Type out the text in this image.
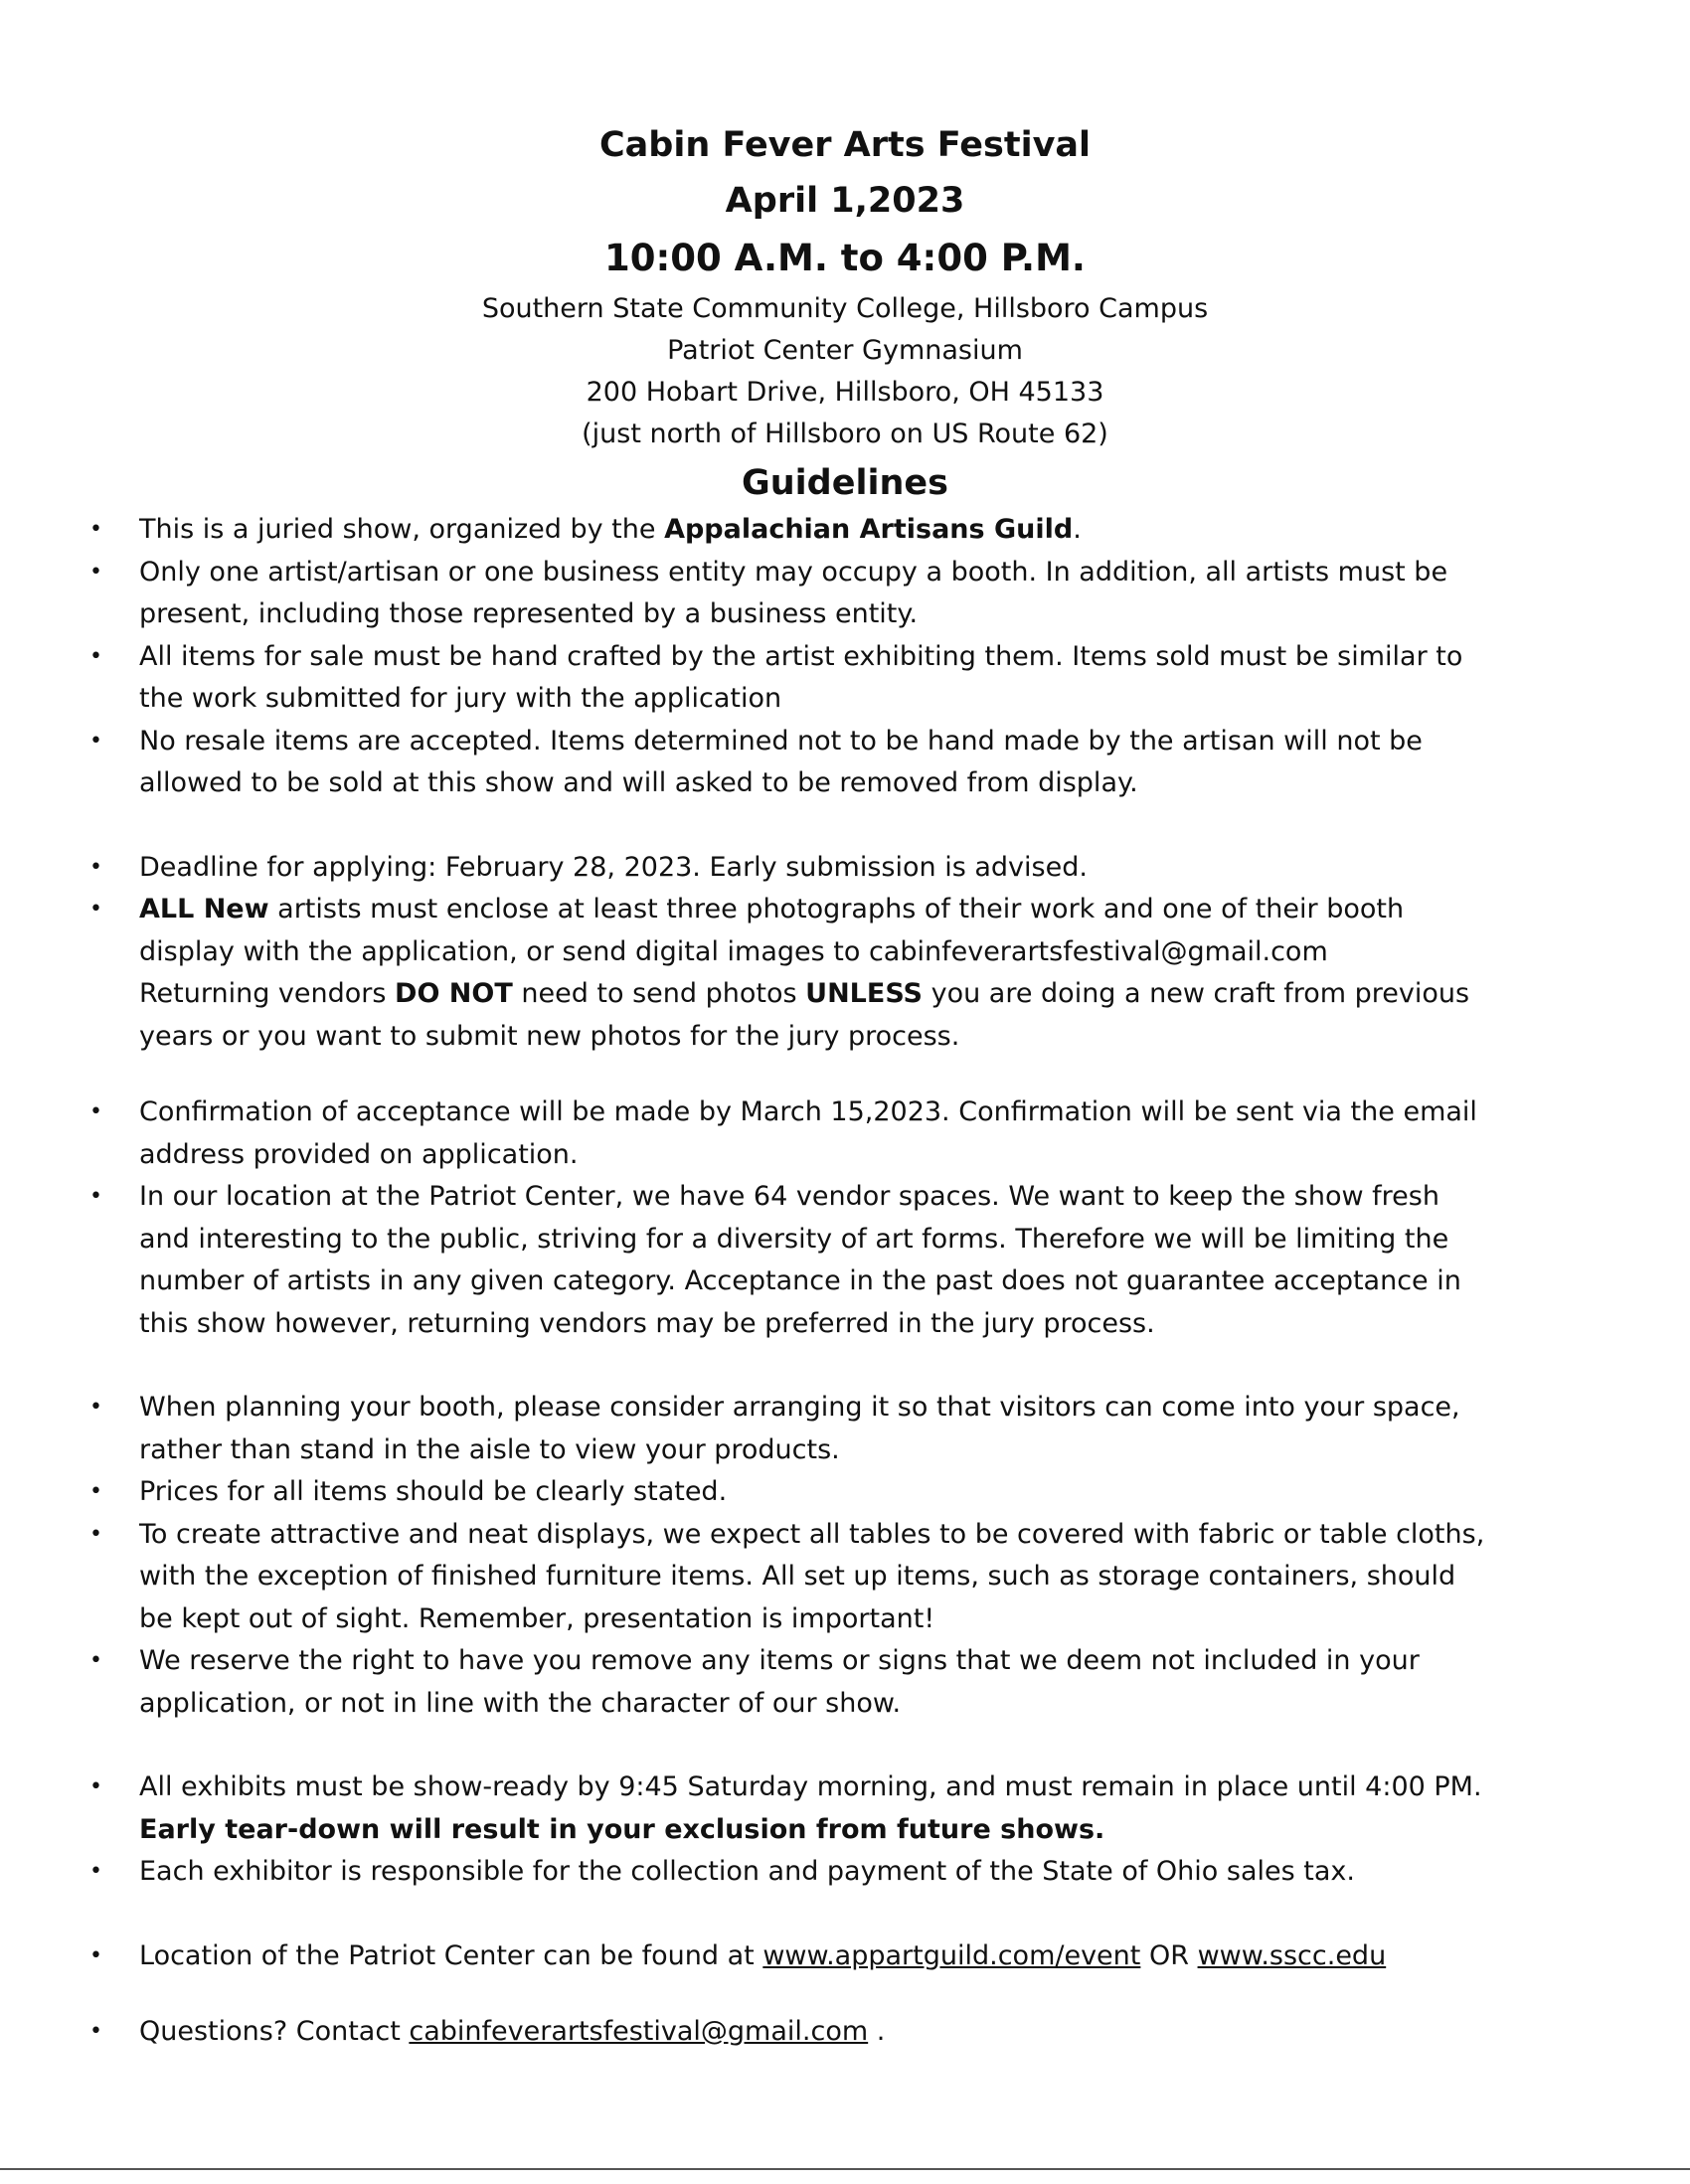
Cabin Fever Arts Festival
April 1,2023
10:00 A.M. to 4:00 P.M.
Southern State Community College, Hillsboro Campus
Patriot Center Gymnasium
200 Hobart Drive, Hillsboro, OH 45133
(just north of Hillsboro on US Route 62)
Guidelines
• This is a juried show, organized by the Appalachian Artisans Guild.
• Only one artist/artisan or one business entity may occupy a booth. In addition, all artists must be
present, including those represented by a business entity.
• All items for sale must be hand crafted by the artist exhibiting them. Items sold must be similar to
the work submitted for jury with the application
• No resale items are accepted. Items determined not to be hand made by the artisan will not be
allowed to be sold at this show and will asked to be removed from display.
• Deadline for applying: February 28, 2023. Early submission is advised.
• ALL New artists must enclose at least three photographs of their work and one of their booth
display with the application, or send digital images to cabinfeverartsfestival@gmail.com
Returning vendors DO NOT need to send photos UNLESS you are doing a new craft from previous
years or you want to submit new photos for the jury process.
• Confirmation of acceptance will be made by March 15,2023. Confirmation will be sent via the email
address provided on application.
• In our location at the Patriot Center, we have 64 vendor spaces. We want to keep the show fresh
and interesting to the public, striving for a diversity of art forms. Therefore we will be limiting the
number of artists in any given category. Acceptance in the past does not guarantee acceptance in
this show however, returning vendors may be preferred in the jury process.
• When planning your booth, please consider arranging it so that visitors can come into your space,
rather than stand in the aisle to view your products.
• Prices for all items should be clearly stated.
• To create attractive and neat displays, we expect all tables to be covered with fabric or table cloths,
with the exception of finished furniture items. All set up items, such as storage containers, should
be kept out of sight. Remember, presentation is important!
• We reserve the right to have you remove any items or signs that we deem not included in your
application, or not in line with the character of our show.
• All exhibits must be show-ready by 9:45 Saturday morning, and must remain in place until 4:00 PM.
Early tear-down will result in your exclusion from future shows.
• Each exhibitor is responsible for the collection and payment of the State of Ohio sales tax.
• Location of the Patriot Center can be found at www.appartguild.com/event OR www.sscc.edu
• Questions? Contact cabinfeverartsfestival@gmail.com .
